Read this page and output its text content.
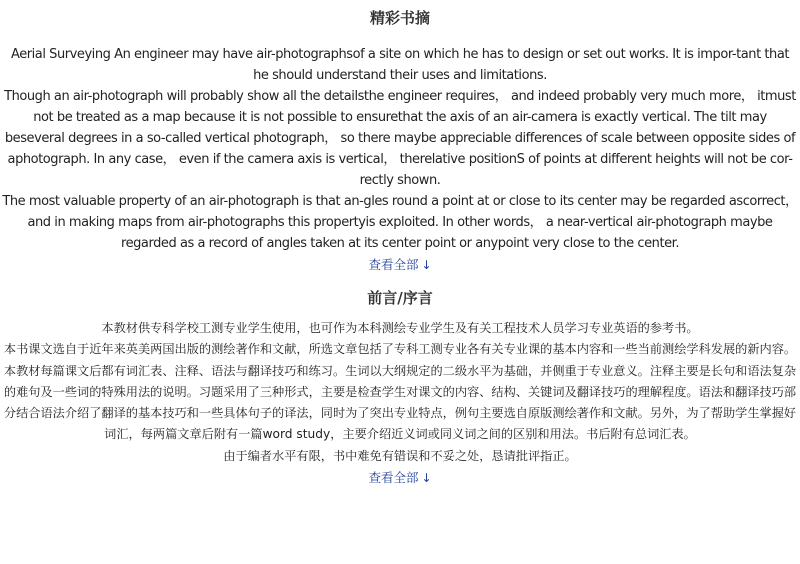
精彩书摘

Aerial Surveying An engineer may have air-photographsof a site on which he has to design or set out works. It is impor-tant that he should understand their uses and limitations.

Though an air-photograph will probably show all the detailsthe engineer requires， and indeed probably very much more， itmust not be treated as a map because it is not possible to ensurethat the axis of an air-camera is exactly vertical. The tilt may beseveral degrees in a so-called vertical photograph， so there maybe appreciable differences of scale between opposite sides of aphotograph. In any case， even if the camera axis is vertical， therelative positionS of points at different heights will not be cor-rectly shown.

The most valuable property of an air-photograph is that an-gles round a point at or close to its center may be regarded ascorrect， and in making maps from air-photographs this propertyis exploited. In other words， a near-vertical air-photograph maybe regarded as a record of angles taken at its center point or anypoint very close to the center.

查看全部 ↓
前言/序言

本教材供专科学校工测专业学生使用，也可作为本科测绘专业学生及有关工程技术人员学习专业英语的参考书。

本书课文选自于近年来英美两国出版的测绘著作和文献，所选文章包括了专科工测专业各有关专业课的基本内容和一些当前测绘学科发展的新内容。

本教材每篇课文后都有词汇表、注释、语法与翻译技巧和练习。生词以大纲规定的二级水平为基础，并侧重于专业意义。注释主要是长句和语法复杂的难句及一些词的特殊用法的说明。习题采用了三种形式，主要是检查学生对课文的内容、结构、关键词及翻译技巧的理解程度。语法和翻译技巧部分结合语法介绍了翻译的基本技巧和一些具体句子的译法，同时为了突出专业特点，例句主要选自原版测绘著作和文献。另外，为了帮助学生掌握好词汇，每两篇文章后附有一篇word study，主要介绍近义词或同义词之间的区别和用法。书后附有总词汇表。

由于编者水平有限，书中难免有错误和不妥之处，恳请批评指正。

查看全部 ↓
